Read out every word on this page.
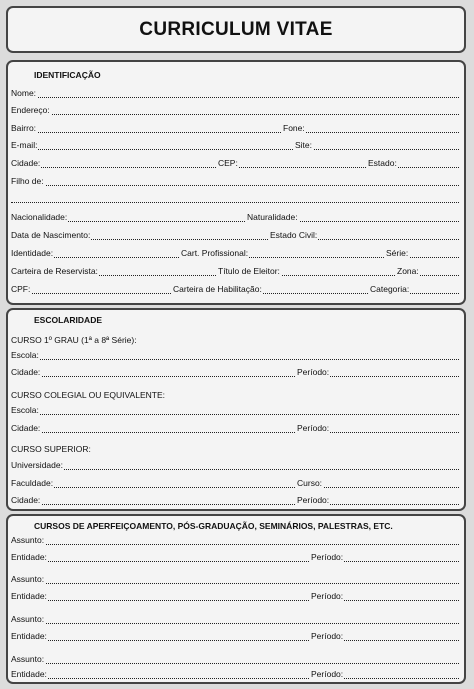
CURRICULUM VITAE
IDENTIFICAÇÃO
Nome:
Endereço:
Bairro:	Fone:
E-mail:	Site:
Cidade:	CEP:	Estado:
Filho de:
Nacionalidade:	Naturalidade:
Data de Nascimento:	Estado Civil:
Identidade:	Cart. Profissional:	Série:
Carteira de Reservista:	Título de Eleitor:	Zona:
CPF:	Carteira de Habilitação:	Categoria:
ESCOLARIDADE
CURSO 1º GRAU (1ª a 8ª Série):
Escola:
Cidade:	Período:
CURSO COLEGIAL OU EQUIVALENTE:
Escola:
Cidade:	Período:
CURSO SUPERIOR:
Universidade:
Faculdade:	Curso:
Cidade:	Período:
CURSOS DE APERFEIÇOAMENTO, PÓS-GRADUAÇÃO, SEMINÁRIOS, PALESTRAS, ETC.
Assunto:
Entidade:	Período:
Assunto:
Entidade:	Período:
Assunto:
Entidade:	Período:
Assunto:
Entidade:	Período:
